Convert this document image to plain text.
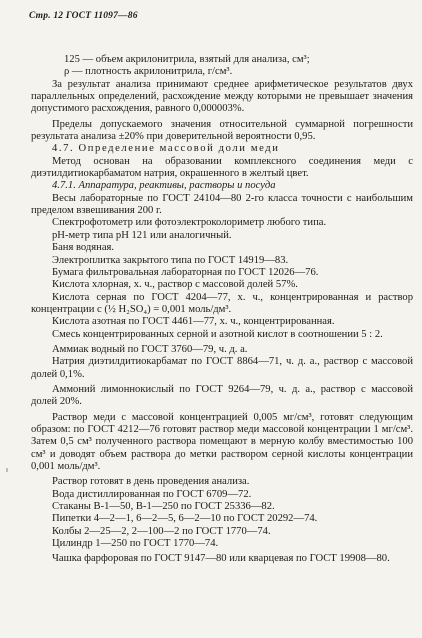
Стр. 12 ГОСТ 11097—86

125 — объем акрилонитрила, взятый для анализа, см³;

ρ — плотность акрилонитрила, г/см³.

За результат анализа принимают среднее арифметическое результатов двух параллельных определений, расхождение между которыми не превышает значения допустимого расхождения, равного 0,000003%.

Пределы допускаемого значения относительной суммарной погрешности результата анализа ±20% при доверительной вероятности 0,95.

4.7. Определение массовой доли меди

Метод основан на образовании комплексного соединения меди с диэтилдитиокарбаматом натрия, окрашенного в желтый цвет.

4.7.1. Аппаратура, реактивы, растворы и посуда

Весы лабораторные по ГОСТ 24104—80 2-го класса точности с наибольшим пределом взвешивания 200 г.

Спектрофотометр или фотоэлектроколориметр любого типа.

рН-метр типа рН 121 или аналогичный.

Баня водяная.

Электроплитка закрытого типа по ГОСТ 14919—83.

Бумага фильтровальная лабораторная по ГОСТ 12026—76.

Кислота хлорная, х. ч., раствор с массовой долей 57%.

Кислота серная по ГОСТ 4204—77, х. ч., концентрированная и раствор концентрации c (½ H₂SO₄) = 0,001 моль/дм³.

Кислота азотная по ГОСТ 4461—77, х. ч., концентрированная.

Смесь концентрированных серной и азотной кислот в соотношении 5 : 2.

Аммиак водный по ГОСТ 3760—79, ч. д. а.

Натрия диэтилдитиокарбамат по ГОСТ 8864—71, ч. д. а., раствор с массовой долей 0,1%.

Аммоний лимоннокислый по ГОСТ 9264—79, ч. д. а., раствор с массовой долей 20%.

Раствор меди с массовой концентрацией 0,005 мг/см³, готовят следующим образом: по ГОСТ 4212—76 готовят раствор меди массовой концентрации 1 мг/см³. Затем 0,5 см³ полученного раствора помещают в мерную колбу вместимостью 100 см³ и доводят объем раствора до метки раствором серной кислоты концентрации 0,001 моль/дм³.

Раствор готовят в день проведения анализа.

Вода дистиллированная по ГОСТ 6709—72.

Стаканы В-1—50, В-1—250 по ГОСТ 25336—82.

Пипетки 4—2—1, 6—2—5, 6—2—10 по ГОСТ 20292—74.

Колбы 2—25—2, 2—100—2 по ГОСТ 1770—74.

Цилиндр 1—250 по ГОСТ 1770—74.

Чашка фарфоровая по ГОСТ 9147—80 или кварцевая по ГОСТ 19908—80.
